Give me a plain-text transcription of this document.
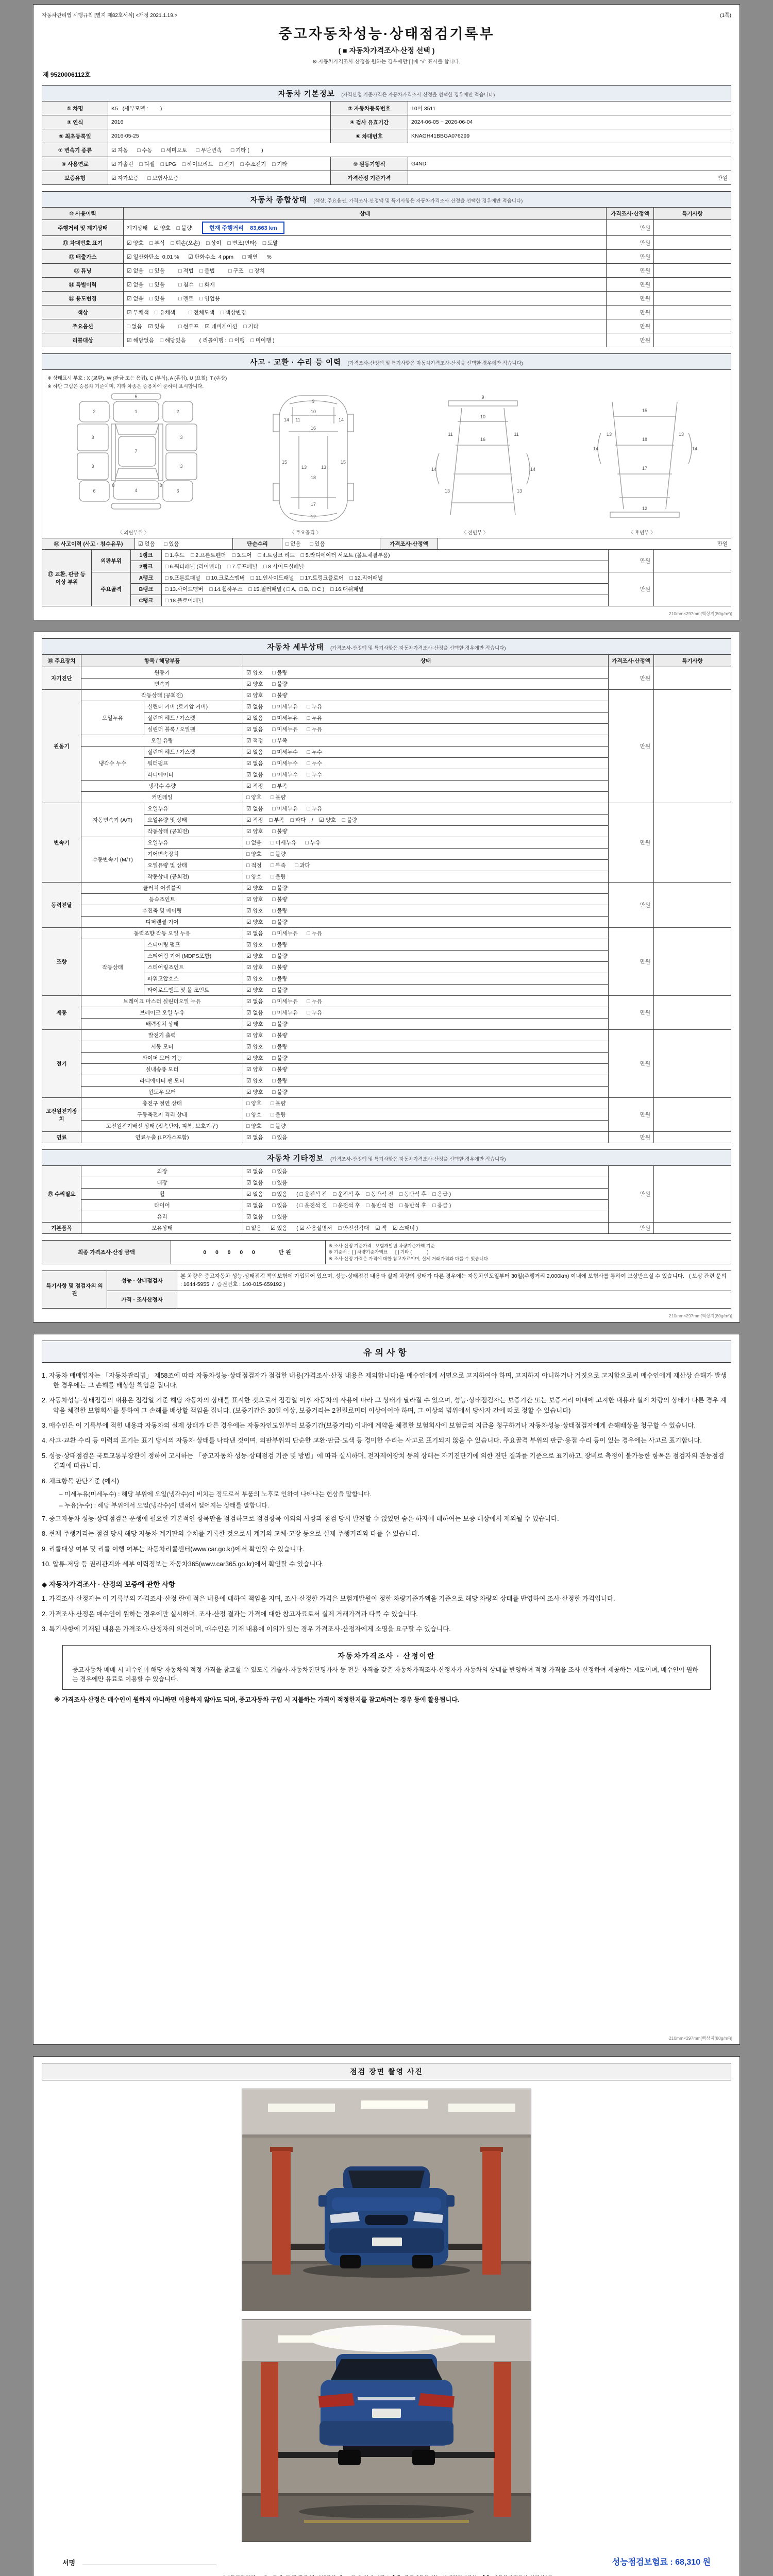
자동차관리법 시행규칙 [별지 제82호서식] <개정 2021.1.19.>	(1쪽)
중고자동차성능·상태점검기록부
( ■ 자동차가격조사·산정 선택 )
※ 자동차가격조사·산정을 원하는 경우에만 [ ]에 "√" 표시를 합니다.
제 9520006112호
자동차 기본정보 (가격산정 기준가격은 자동차가격조사·산정을 선택한 경우에만 적습니다)
① 차명	K5   (세부모델 :        )	② 자동차등록번호	10머 3511
③ 연식	2016	④ 검사 유효기간	2024-06-05 ~ 2026-06-04
⑤ 최초등록일	2016-05-25	⑥ 차대번호	KNAGH41BBGA076299
⑦ 변속기 종류	☑ 자동      □ 수동      □ 세미오토      □ 무단변속      □ 기타 (        )		
⑧ 사용연료	☑ 가솔린    □ 디젤    □ LPG    □ 하이브리드    □ 전기    □ 수소전기    □ 기타	⑨ 원동기형식	G4ND
보증유형	☑ 자가보증      □ 보험사보증	가격산정 기준가격	만원
자동차 종합상태 (색상, 주요옵션, 가격조사·산정액 및 특기사항은 자동차가격조사·산정을 선택한 경우에만 적습니다)
⑩ 사용이력	상태	가격조사·산정액	특기사항
주행거리 및 계기상태	계기상태    ☑ 양호    □ 불량 현재 주행거리    83,663 km	만원	
⑪ 차대번호 표기	☑ 양호    □ 부식    □ 훼손(오손)    □ 상이    □ 변조(변타)    □ 도말	만원	
⑫ 배출가스	☑ 일산화탄소  0.01 %      ☑ 탄화수소  4 ppm      □ 매연      %	만원	
⑬ 튜닝	☑ 없음    □ 있음         □ 적법    □ 불법         □ 구조    □ 장치	만원	
⑭ 특별이력	☑ 없음    □ 있음         □ 침수    □ 화재	만원	
⑮ 용도변경	☑ 없음    □ 있음         □ 렌트    □ 영업용	만원	
색상	☑ 무채색    □ 유채색         □ 전체도색    □ 색상변경	만원	
주요옵션	□ 없음    ☑ 있음         □ 썬루프    ☑ 네비게이션    □ 기타	만원	
리콜대상	☑ 해당없음    □ 해당있음         ( 리콜이행 :  □ 이행    □ 미이행 )	만원	
사고 · 교환 · 수리 등 이력 (가격조사·산정액 및 특기사항은 자동차가격조사·산정을 선택한 경우에만 적습니다)
※ 상태표시 부호 : X (교환), W (판금 또는 용접), C (부식), A (흠집), U (요철), T (손상)
※ 하단 그림은 승용차 기준이며, 기타 차종은 승용차에 준하여 표시합니다.
5
1
2	2
3	3
3	3
7
8	8
4
6	6
9
10
11
14	14
16
13	13
15	15
18
17
12
9
10
11	11
16
13	13
14	14
15
18
13	13
14	14
17
12
〈 외판부위 〉	〈 주요골격 〉	〈 전면부 〉	〈 후면부 〉
⑯ 사고이력 (사고 · 침수유무)	☑ 없음      □ 있음	단순수리	□ 없음      □ 있음	가격조사·산정액	만원
⑰ 교환, 판금 등 이상 부위	외판부위	1랭크	□ 1.후드    □ 2.프론트펜더    □ 3.도어    □ 4.트렁크 리드    □ 5.라디에이터 서포트 (볼트체결부품)	만원	
		2랭크	□ 6.쿼터패널 (리어펜더)    □ 7.루프패널    □ 8.사이드실패널		
	주요골격	A랭크	□ 9.프론트패널    □ 10.크로스멤버    □ 11.인사이드패널    □ 17.트렁크플로어    □ 12.리어패널	만원	
		B랭크	□ 13.사이드멤버    □ 14.휠하우스    □ 15.필러패널 ( □ A,  □ B,  □ C )    □ 16.대쉬패널		
		C랭크	□ 18.플로어패널		
210mm×297mm[백상지(80g/m²)]
자동차 세부상태 (가격조사·산정액 및 특기사항은 자동차가격조사·산정을 선택한 경우에만 적습니다)
⑱ 주요장치	항목 / 해당부품		상태	가격조사·산정액	특기사항
자기진단	원동기		☑ 양호      □ 불량	만원	
	변속기		☑ 양호      □ 불량		
원동기	작동상태 (공회전)		☑ 양호      □ 불량	만원	
	오일누유	실린더 커버 (로커암 커버)	☑ 없음      □ 미세누유      □ 누유		
		실린더 헤드 / 가스켓	☑ 없음      □ 미세누유      □ 누유		
		실린더 블록 / 오일팬	☑ 없음      □ 미세누유      □ 누유		
	오일 유량		☑ 적정      □ 부족		
	냉각수 누수	실린더 헤드 / 가스켓	☑ 없음      □ 미세누수      □ 누수		
		워터펌프	☑ 없음      □ 미세누수      □ 누수		
		라디에이터	☑ 없음      □ 미세누수      □ 누수		
	냉각수 수량		☑ 적정      □ 부족		
	커먼레일		□ 양호      □ 불량		
변속기	자동변속기 (A/T)	오일누유	☑ 없음      □ 미세누유      □ 누유	만원	
		오일유량 및 상태	☑ 적정    □ 부족    □ 과다    /    ☑ 양호    □ 불량		
		작동상태 (공회전)	☑ 양호      □ 불량		
	수동변속기 (M/T)	오일누유	□ 없음      □ 미세누유      □ 누유		
		기어변속장치	□ 양호      □ 불량		
		오일유량 및 상태	□ 적정      □ 부족      □ 과다		
		작동상태 (공회전)	□ 양호      □ 불량		
동력전달	클러치 어셈블리		☑ 양호      □ 불량	만원	
	등속조인트		☑ 양호      □ 불량		
	추진축 및 베어링		☑ 양호      □ 불량		
	디퍼렌셜 기어		☑ 양호      □ 불량		
조향	동력조향 작동 오일 누유		☑ 없음      □ 미세누유      □ 누유	만원	
	작동상태	스티어링 펌프	☑ 양호      □ 불량		
		스티어링 기어 (MDPS포함)	☑ 양호      □ 불량		
		스티어링조인트	☑ 양호      □ 불량		
		파워고압호스	☑ 양호      □ 불량		
		타이로드엔드 및 볼 조인트	☑ 양호      □ 불량		
제동	브레이크 마스터 실린더오일 누유		☑ 없음      □ 미세누유      □ 누유	만원	
	브레이크 오일 누유		☑ 없음      □ 미세누유      □ 누유		
	배력장치 상태		☑ 양호      □ 불량		
전기	발전기 출력		☑ 양호      □ 불량	만원	
	시동 모터		☑ 양호      □ 불량		
	와이퍼 모터 기능		☑ 양호      □ 불량		
	실내송풍 모터		☑ 양호      □ 불량		
	라디에이터 팬 모터		☑ 양호      □ 불량		
	윈도우 모터		☑ 양호      □ 불량		
고전원전기장치	충전구 절연 상태		□ 양호      □ 불량	만원	
	구동축전지 격리 상태		□ 양호      □ 불량		
	고전원전기배선 상태 (접속단자, 피복, 보호기구)		□ 양호      □ 불량		
연료	연료누출 (LP가스포함)		☑ 없음      □ 있음	만원	
자동차 기타정보 (가격조사·산정액 및 특기사항은 자동차가격조사·산정을 선택한 경우에만 적습니다)
⑲ 수리필요	외장	☑ 없음      □ 있음	만원	
	내장	☑ 없음      □ 있음		
	휠	☑ 없음      □ 있음      ( □ 운전석 전    □ 운전석 후    □ 동반석 전    □ 동반석 후    □ 응급 )		
	타이어	☑ 없음      □ 있음      ( □ 운전석 전    □ 운전석 후    □ 동반석 전    □ 동반석 후    □ 응급 )		
	유리	☑ 없음      □ 있음		
기본품목	보유상태	□ 없음      ☑ 있음      ( ☑ 사용설명서    □ 안전삼각대    ☑ 잭    ☑ 스패너 )	만원	
최종 가격조사·산정 금액	0  0  0  0  0      만원	
※ 조사·산정 기준가격 : 보험개발원 차량기준가액 기준
※ 기준서 :  [ ] 차량기준가액표      [ ] 기타 (            )
※ 조사·산정 가격은 가격에 대한 참고자료이며, 실제 거래가격과 다를 수 있습니다.
특기사항 및 점검자의 의견	성능 · 상태점검자	본 차량은 중고자동차 성능·상태점검 책임보험에 가입되어 있으며, 성능·상태점검 내용과 실제 차량의 상태가 다른 경우에는 자동차인도일부터 30일(주행거리 2,000km) 이내에 보험사를 통하여 보상받으실 수 있습니다.   ( 보상 관련 문의 : 1644-5955  /  증권번호 : 140-015-659192 )
	가격 · 조사산정자	
210mm×297mm[백상지(80g/m²)]
유의사항
1. 자동차 매매업자는 「자동차관리법」 제58조에 따라 자동차성능·상태점검자가 점검한 내용(가격조사·산정 내용은 제외합니다)을 매수인에게 서면으로 고지하여야 하며, 고지하지 아니하거나 거짓으로 고지함으로써 매수인에게 재산상 손해가 발생한 경우에는 그 손해를 배상할 책임을 집니다.
2. 자동차성능·상태점검의 내용은 점검일 기준 해당 자동차의 상태를 표시한 것으로서 점검일 이후 자동차의 사용에 따라 그 상태가 달라질 수 있으며, 성능·상태점검자는 보증기간 또는 보증거리 이내에 고지한 내용과 실제 차량의 상태가 다른 경우 계약을 체결한 보험회사를 통하여 그 손해를 배상할 책임을 집니다. (보증기간은 30일 이상, 보증거리는 2천킬로미터 이상이어야 하며, 그 이상의 범위에서 당사자 간에 따로 정할 수 있습니다)
3. 매수인은 이 기록부에 적힌 내용과 자동차의 실제 상태가 다른 경우에는 자동차인도일부터 보증기간(보증거리) 이내에 계약을 체결한 보험회사에 보험금의 지급을 청구하거나 자동차성능·상태점검자에게 손해배상을 청구할 수 있습니다.
4. 사고·교환·수리 등 이력의 표기는 표기 당시의 자동차 상태를 나타낸 것이며, 외판부위의 단순한 교환·판금·도색 등 경미한 수리는 사고로 표기되지 않을 수 있습니다. 주요골격 부위의 판금·용접 수리 등이 있는 경우에는 사고로 표기합니다.
5. 성능·상태점검은 국토교통부장관이 정하여 고시하는 「중고자동차 성능·상태점검 기준 및 방법」에 따라 실시하며, 전자제어장치 등의 상태는 자기진단기에 의한 진단 결과를 기준으로 표기하고, 장비로 측정이 불가능한 항목은 점검자의 관능점검 결과에 따릅니다.
6. 체크항목 판단기준 (예시)
– 미세누유(미세누수) : 해당 부위에 오일(냉각수)이 비치는 정도로서 부품의 노후로 인하여 나타나는 현상을 말합니다.
– 누유(누수) : 해당 부위에서 오일(냉각수)이 맺혀서 떨어지는 상태를 말합니다.
7. 중고자동차 성능·상태점검은 운행에 필요한 기본적인 항목만을 점검하므로 점검항목 이외의 사항과 점검 당시 발견할 수 없었던 숨은 하자에 대하여는 보증 대상에서 제외될 수 있습니다.
8. 현재 주행거리는 점검 당시 해당 자동차 계기판의 수치를 기록한 것으로서 계기의 교체·고장 등으로 실제 주행거리와 다를 수 있습니다.
9. 리콜대상 여부 및 리콜 이행 여부는 자동차리콜센터(www.car.go.kr)에서 확인할 수 있습니다.
10. 압류·저당 등 권리관계와 세부 이력정보는 자동차365(www.car365.go.kr)에서 확인할 수 있습니다.
◆ 자동차가격조사 · 산정의 보증에 관한 사항
1. 가격조사·산정자는 이 기록부의 가격조사·산정 란에 적은 내용에 대하여 책임을 지며, 조사·산정한 가격은 보험개발원이 정한 차량기준가액을 기준으로 해당 차량의 상태를 반영하여 조사·산정한 가격입니다.
2. 가격조사·산정은 매수인이 원하는 경우에만 실시하며, 조사·산정 결과는 가격에 대한 참고자료로서 실제 거래가격과 다를 수 있습니다.
3. 특기사항에 기재된 내용은 가격조사·산정자의 의견이며, 매수인은 기재 내용에 이의가 있는 경우 가격조사·산정자에게 소명을 요구할 수 있습니다.
자동차가격조사 · 산정이란
중고자동차 매매 시 매수인이 해당 자동차의 적정 가격을 참고할 수 있도록 기술사·자동차진단평가사 등 전문 자격을 갖춘 자동차가격조사·산정자가 자동차의 상태를 반영하여 적정 가격을 조사·산정하여 제공하는 제도이며, 매수인이 원하는 경우에만 유료로 이용할 수 있습니다.
※ 가격조사·산정은 매수인이 원하지 아니하면 이용하지 않아도 되며, 중고자동차 구입 시 지불하는 가격이 적정한지를 참고하려는 경우 등에 활용됩니다.
210mm×297mm[백상지(80g/m²)]
점검 장면 촬영 사진
서명	성능점검보험료 : 68,310 원
